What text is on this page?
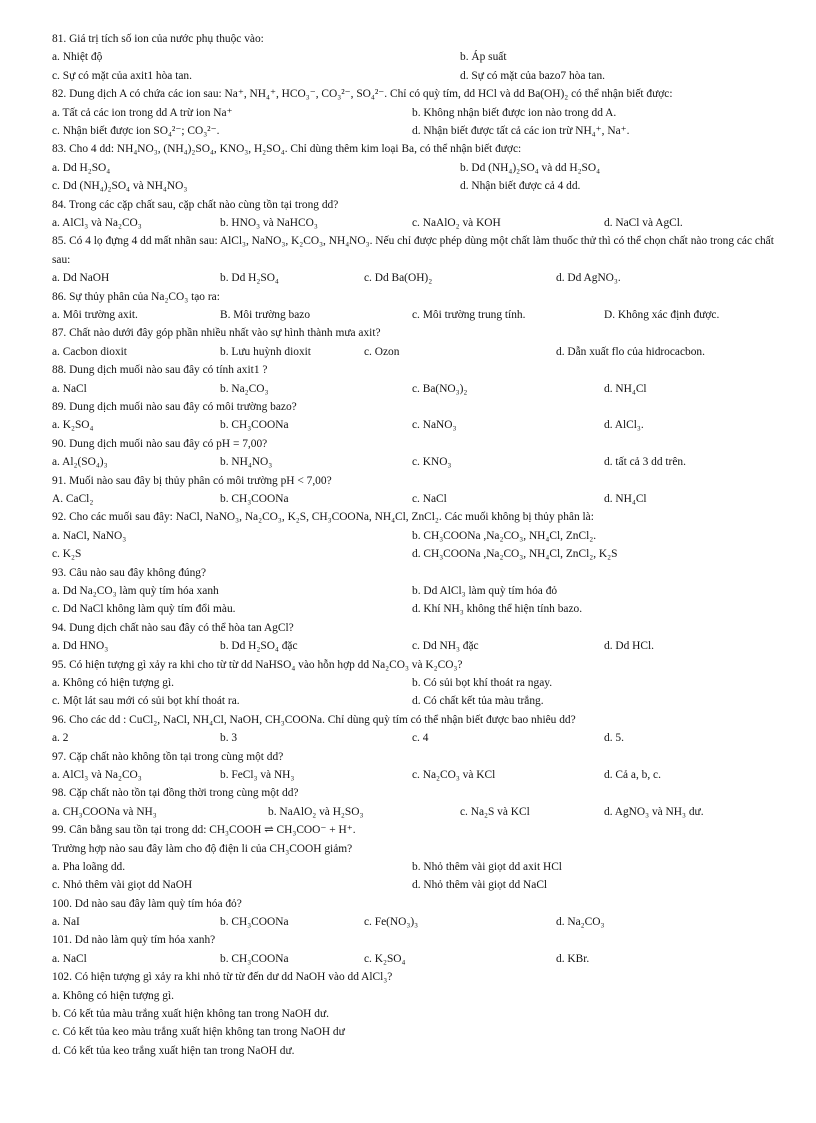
81. Giá trị tích số ion của nước phụ thuộc vào:
a. Nhiệt độ	b. Áp suất
c. Sự có mặt của axit1 hòa tan.	d. Sự có mặt của bazo7 hòa tan.
82. Dung dịch A có chứa các ion sau: Na⁺, NH₄⁺, HCO₃⁻, CO₃²⁻, SO₄²⁻. Chỉ có quỳ tím, dd HCl và dd Ba(OH)₂ có thể nhận biết được:
a. Tất cả các ion trong dd A trừ ion Na⁺	b. Không nhận biết được ion nào trong dd A.
c. Nhận biết được ion SO₄²⁻; CO₃²⁻.	d. Nhận biết được tất cả các ion trừ NH₄⁺, Na⁺.
83. Cho 4 dd: NH₄NO₃, (NH₄)₂SO₄, KNO₃, H₂SO₄. Chỉ dùng thêm kim loại Ba, có thể nhận biết được:
a. Dd H₂SO₄	b. Dd (NH₄)₂SO₄ và dd H₂SO₄
c. Dd (NH₄)₂SO₄ và NH₄NO₃	d. Nhận biết được cả 4 dd.
84. Trong các cặp chất sau, cặp chất nào cùng tồn tại trong dd?
a. AlCl₃ và Na₂CO₃	b. HNO₃ và NaHCO₃	c. NaAlO₂ và KOH	d. NaCl và AgCl.
85. Có 4 lọ đựng 4 dd mất nhãn sau: AlCl₃, NaNO₃, K₂CO₃, NH₄NO₃. Nếu chỉ được phép dùng một chất làm thuốc thử thì có thể chọn chất nào trong các chất sau:
a. Dd NaOH	b. Dd H₂SO₄	c. Dd Ba(OH)₂	d. Dd AgNO₃.
86. Sự thủy phân của Na₂CO₃ tạo ra:
a. Môi trường axit.	B. Môi trường bazo	c. Môi trường trung tính.	D. Không xác định được.
87. Chất nào dưới đây góp phần nhiều nhất vào sự hình thành mưa axit?
a. Cacbon dioxit	b. Lưu huỳnh dioxit	c. Ozon	d. Dẫn xuất flo của hidrocacbon.
88. Dung dịch muối nào sau đây có tính axit1 ?
a. NaCl	b. Na₂CO₃	c. Ba(NO₃)₂	d. NH₄Cl
89. Dung dịch muối nào sau đây có môi trường bazo?
a. K₂SO₄	b. CH₃COONa	c. NaNO₃	d. AlCl₃.
90. Dung dịch muối nào sau đây có pH = 7,00?
a. Al₂(SO₄)₃	b. NH₄NO₃	c. KNO₃	d. tất cả 3 dd trên.
91. Muối nào sau đây bị thủy phân có môi trường pH < 7,00?
A. CaCl₂	b. CH₃COONa	c. NaCl	d. NH₄Cl
92. Cho các muối sau đây: NaCl, NaNO₃, Na₂CO₃, K₂S, CH₃COONa, NH₄Cl, ZnCl₂. Các muối không bị thủy phân là:
a. NaCl, NaNO₃	b. CH₃COONa ,Na₂CO₃, NH₄Cl, ZnCl₂.
c. K₂S	d. CH₃COONa ,Na₂CO₃, NH₄Cl, ZnCl₂, K₂S
93. Câu nào sau đây không đúng?
a. Dd Na₂CO₃ làm quỳ tím hóa xanh	b. Dd AlCl₃ làm quỳ tím hóa đỏ
c. Dd NaCl không làm quỳ tím đổi màu.	d. Khí NH₃ không thể hiện tính bazo.
94. Dung dịch chất nào sau đây có thể hòa tan AgCl?
a. Dd HNO₃	b. Dd H₂SO₄ đặc	c. Dd NH₃ đặc	d. Dd HCl.
95. Có hiện tượng gì xảy ra khi cho từ từ dd NaHSO₄ vào hỗn hợp dd Na₂CO₃ và K₂CO₃?
a. Không có hiện tượng gì.	b. Có sủi bọt khí thoát ra ngay.
c. Một lát sau mới có sủi bọt khí thoát ra.	d. Có chất kết tủa màu trắng.
96. Cho các dd : CuCl₂, NaCl, NH₄Cl, NaOH, CH₃COONa. Chỉ dùng quỳ tím có thể nhận biết được bao nhiêu dd?
a. 2	b. 3	c. 4	d. 5.
97. Cặp chất nào không tồn tại trong cùng một dd?
a. AlCl₃ và Na₂CO₃	b. FeCl₃ và NH₃	c. Na₂CO₃ và KCl	d. Cả a, b, c.
98. Cặp chất nào tồn tại đồng thời trong cùng một dd?
a. CH₃COONa và NH₃	b. NaAlO₂ và H₂SO₃	c. Na₂S và KCl	d. AgNO₃ và NH₃ dư.
99. Cân bằng sau tồn tại trong dd: CH₃COOH ⇌ CH₃COO⁻ + H⁺.
Trường hợp nào sau đây làm cho độ điện li của CH₃COOH giảm?
a. Pha loãng dd.	b. Nhỏ thêm vài giọt dd axit HCl
c. Nhỏ thêm vài giọt dd NaOH	d. Nhỏ thêm vài giọt dd NaCl
100. Dd nào sau đây làm quỳ tím hóa đỏ?
a. NaI	b. CH₃COONa	c. Fe(NO₃)₃	d. Na₂CO₃
101. Dd nào làm quỳ tím hóa xanh?
a. NaCl	b. CH₃COONa	c. K₂SO₄	d. KBr.
102. Có hiện tượng gì xảy ra khi nhỏ từ từ đến dư dd NaOH vào dd AlCl₃?
a. Không có hiện tượng gì.
b. Có kết tủa màu trắng xuất hiện không tan trong NaOH dư.
c. Có kết tủa keo màu trắng xuất hiện không tan trong NaOH dư
d. Có kết tủa keo trắng xuất hiện tan trong NaOH dư.
